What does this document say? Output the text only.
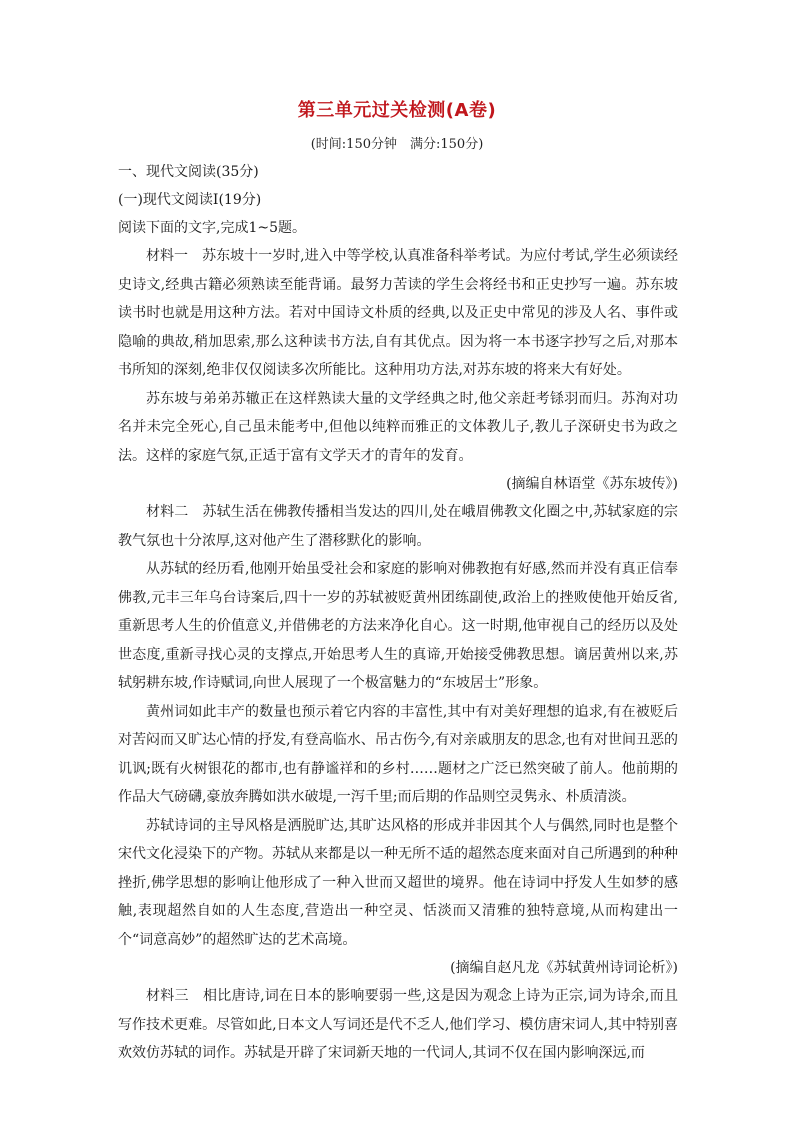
第三单元过关检测(A卷)
(时间:150分钟　满分:150分)

一、现代文阅读(35分)

(一)现代文阅读Ⅰ(19分)

阅读下面的文字,完成1~5题。

材料一　苏东坡十一岁时,进入中等学校,认真准备科举考试。为应付考试,学生必须读经史诗文,经典古籍必须熟读至能背诵。最努力苦读的学生会将经书和正史抄写一遍。苏东坡读书时也就是用这种方法。若对中国诗文朴质的经典,以及正史中常见的涉及人名、事件或隐喻的典故,稍加思索,那么这种读书方法,自有其优点。因为将一本书逐字抄写之后,对那本书所知的深刻,绝非仅仅阅读多次所能比。这种用功方法,对苏东坡的将来大有好处。

苏东坡与弟弟苏辙正在这样熟读大量的文学经典之时,他父亲赶考铩羽而归。苏洵对功名并未完全死心,自己虽未能考中,但他以纯粹而雅正的文体教儿子,教儿子深研史书为政之法。这样的家庭气氛,正适于富有文学天才的青年的发育。

(摘编自林语堂《苏东坡传》)

材料二　苏轼生活在佛教传播相当发达的四川,处在峨眉佛教文化圈之中,苏轼家庭的宗教气氛也十分浓厚,这对他产生了潜移默化的影响。

从苏轼的经历看,他刚开始虽受社会和家庭的影响对佛教抱有好感,然而并没有真正信奉佛教,元丰三年乌台诗案后,四十一岁的苏轼被贬黄州团练副使,政治上的挫败使他开始反省,重新思考人生的价值意义,并借佛老的方法来净化自心。这一时期,他审视自己的经历以及处世态度,重新寻找心灵的支撑点,开始思考人生的真谛,开始接受佛教思想。谪居黄州以来,苏轼躬耕东坡,作诗赋词,向世人展现了一个极富魅力的“东坡居士”形象。

黄州词如此丰产的数量也预示着它内容的丰富性,其中有对美好理想的追求,有在被贬后对苦闷而又旷达心情的抒发,有登高临水、吊古伤今,有对亲戚朋友的思念,也有对世间丑恶的讥讽;既有火树银花的都市,也有静谧祥和的乡村……题材之广泛已然突破了前人。他前期的作品大气磅礴,豪放奔腾如洪水破堤,一泻千里;而后期的作品则空灵隽永、朴质清淡。

苏轼诗词的主导风格是洒脱旷达,其旷达风格的形成并非因其个人与偶然,同时也是整个宋代文化浸染下的产物。苏轼从来都是以一种无所不适的超然态度来面对自己所遇到的种种挫折,佛学思想的影响让他形成了一种入世而又超世的境界。他在诗词中抒发人生如梦的感触,表现超然自如的人生态度,营造出一种空灵、恬淡而又清雅的独特意境,从而构建出一个“词意高妙”的超然旷达的艺术高境。

(摘编自赵凡龙《苏轼黄州诗词论析》)

材料三　相比唐诗,词在日本的影响要弱一些,这是因为观念上诗为正宗,词为诗余,而且写作技术更难。尽管如此,日本文人写词还是代不乏人,他们学习、模仿唐宋词人,其中特别喜欢效仿苏轼的词作。苏轼是开辟了宋词新天地的一代词人,其词不仅在国内影响深远,而
